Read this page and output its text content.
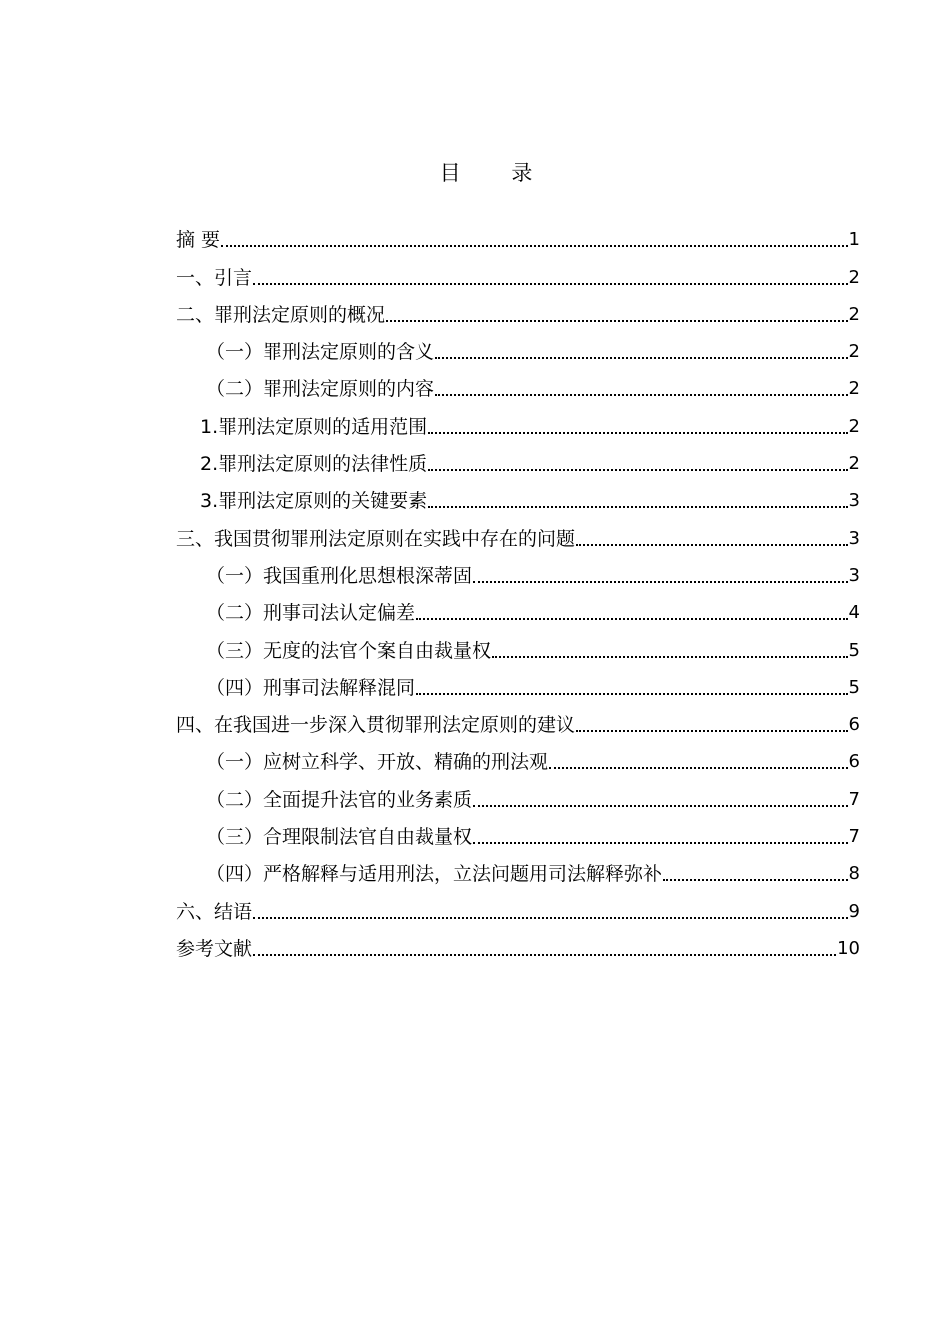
目 录
摘 要	1
一、引言	2
二、罪刑法定原则的概况	2
（一）罪刑法定原则的含义	2
（二）罪刑法定原则的内容	2
1.罪刑法定原则的适用范围	2
2.罪刑法定原则的法律性质	2
3.罪刑法定原则的关键要素	3
三、我国贯彻罪刑法定原则在实践中存在的问题	3
（一）我国重刑化思想根深蒂固	3
（二）刑事司法认定偏差	4
（三）无度的法官个案自由裁量权	5
（四）刑事司法解释混同	5
四、在我国进一步深入贯彻罪刑法定原则的建议	6
（一）应树立科学、开放、精确的刑法观	6
（二）全面提升法官的业务素质	7
（三）合理限制法官自由裁量权	7
（四）严格解释与适用刑法，立法问题用司法解释弥补	8
六、结语	9
参考文献	10
